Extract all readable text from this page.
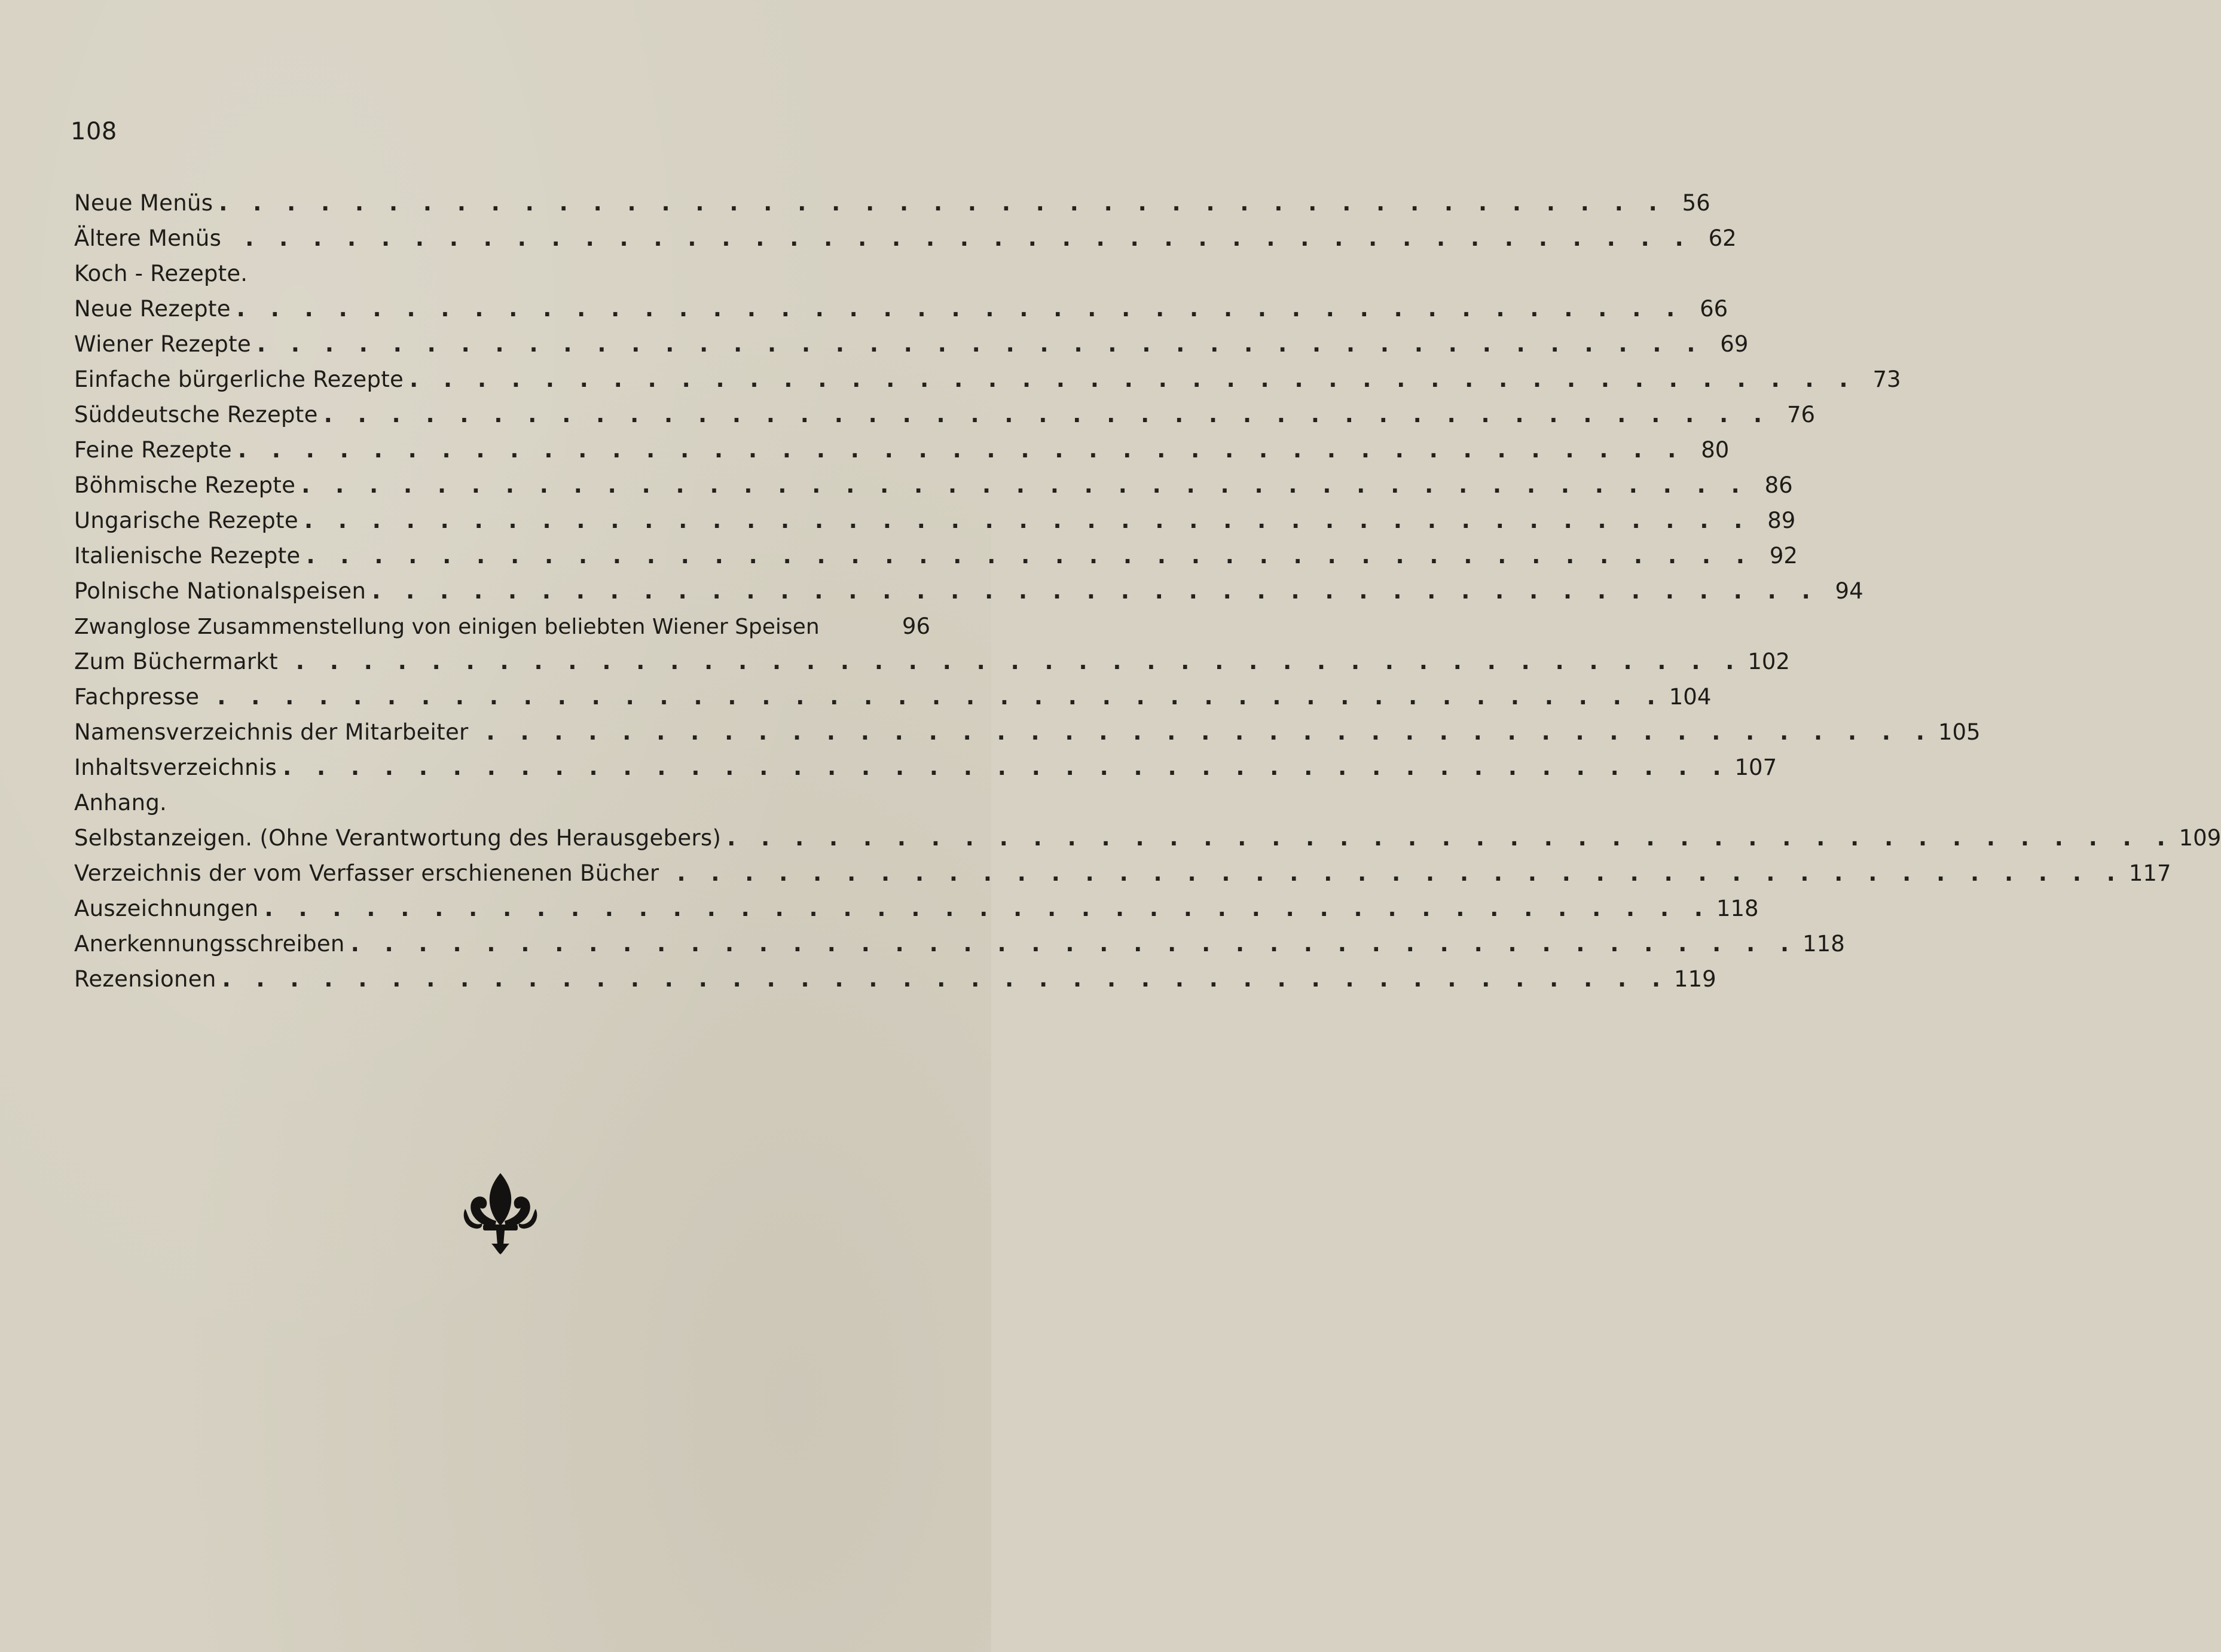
108
Neue Menüs . . . . . . . . . . . . . . . . . . . . . . . . . . . . . . . . . . . . . . . . . . . 56
Ältere Menüs . . . . . . . . . . . . . . . . . . . . . . . . . . . . . . . . . . . . . . . . . . . 62
Koch - Rezepte.
Neue Rezepte . . . . . . . . . . . . . . . . . . . . . . . . . . . . . . . . . . . . . . . . . . . 66
Wiener Rezepte . . . . . . . . . . . . . . . . . . . . . . . . . . . . . . . . . . . . . . . . . . . 69
Einfache bürgerliche Rezepte . . . . . . . . . . . . . . . . . . . . . . . . . . . . . . . . . . . . . . . . . . . 73
Süddeutsche Rezepte . . . . . . . . . . . . . . . . . . . . . . . . . . . . . . . . . . . . . . . . . . . 76
Feine Rezepte . . . . . . . . . . . . . . . . . . . . . . . . . . . . . . . . . . . . . . . . . . . 80
Böhmische Rezepte . . . . . . . . . . . . . . . . . . . . . . . . . . . . . . . . . . . . . . . . . . . 86
Ungarische Rezepte . . . . . . . . . . . . . . . . . . . . . . . . . . . . . . . . . . . . . . . . . . . 89
Italienische Rezepte . . . . . . . . . . . . . . . . . . . . . . . . . . . . . . . . . . . . . . . . . . . 92
Polnische Nationalspeisen . . . . . . . . . . . . . . . . . . . . . . . . . . . . . . . . . . . . . . . . . . . 94
Zwanglose Zusammenstellung von einigen beliebten Wiener Speisen	96
Zum Büchermarkt . . . . . . . . . . . . . . . . . . . . . . . . . . . . . . . . . . . . . . . . . . . 102
Fachpresse . . . . . . . . . . . . . . . . . . . . . . . . . . . . . . . . . . . . . . . . . . . 104
Namensverzeichnis der Mitarbeiter . . . . . . . . . . . . . . . . . . . . . . . . . . . . . . . . . . . . . . . . . . . 105
Inhaltsverzeichnis . . . . . . . . . . . . . . . . . . . . . . . . . . . . . . . . . . . . . . . . . . . 107
Anhang.
Selbstanzeigen. (Ohne Verantwortung des Herausgebers) . . . . . . . . . . . . . . . . . . . . . . . . . . . . . . . . . . . . . . . . . . . 109
Verzeichnis der vom Verfasser erschienenen Bücher . . . . . . . . . . . . . . . . . . . . . . . . . . . . . . . . . . . . . . . . . . . 117
Auszeichnungen . . . . . . . . . . . . . . . . . . . . . . . . . . . . . . . . . . . . . . . . . . . 118
Anerkennungsschreiben . . . . . . . . . . . . . . . . . . . . . . . . . . . . . . . . . . . . . . . . . . . 118
Rezensionen . . . . . . . . . . . . . . . . . . . . . . . . . . . . . . . . . . . . . . . . . . . 119
